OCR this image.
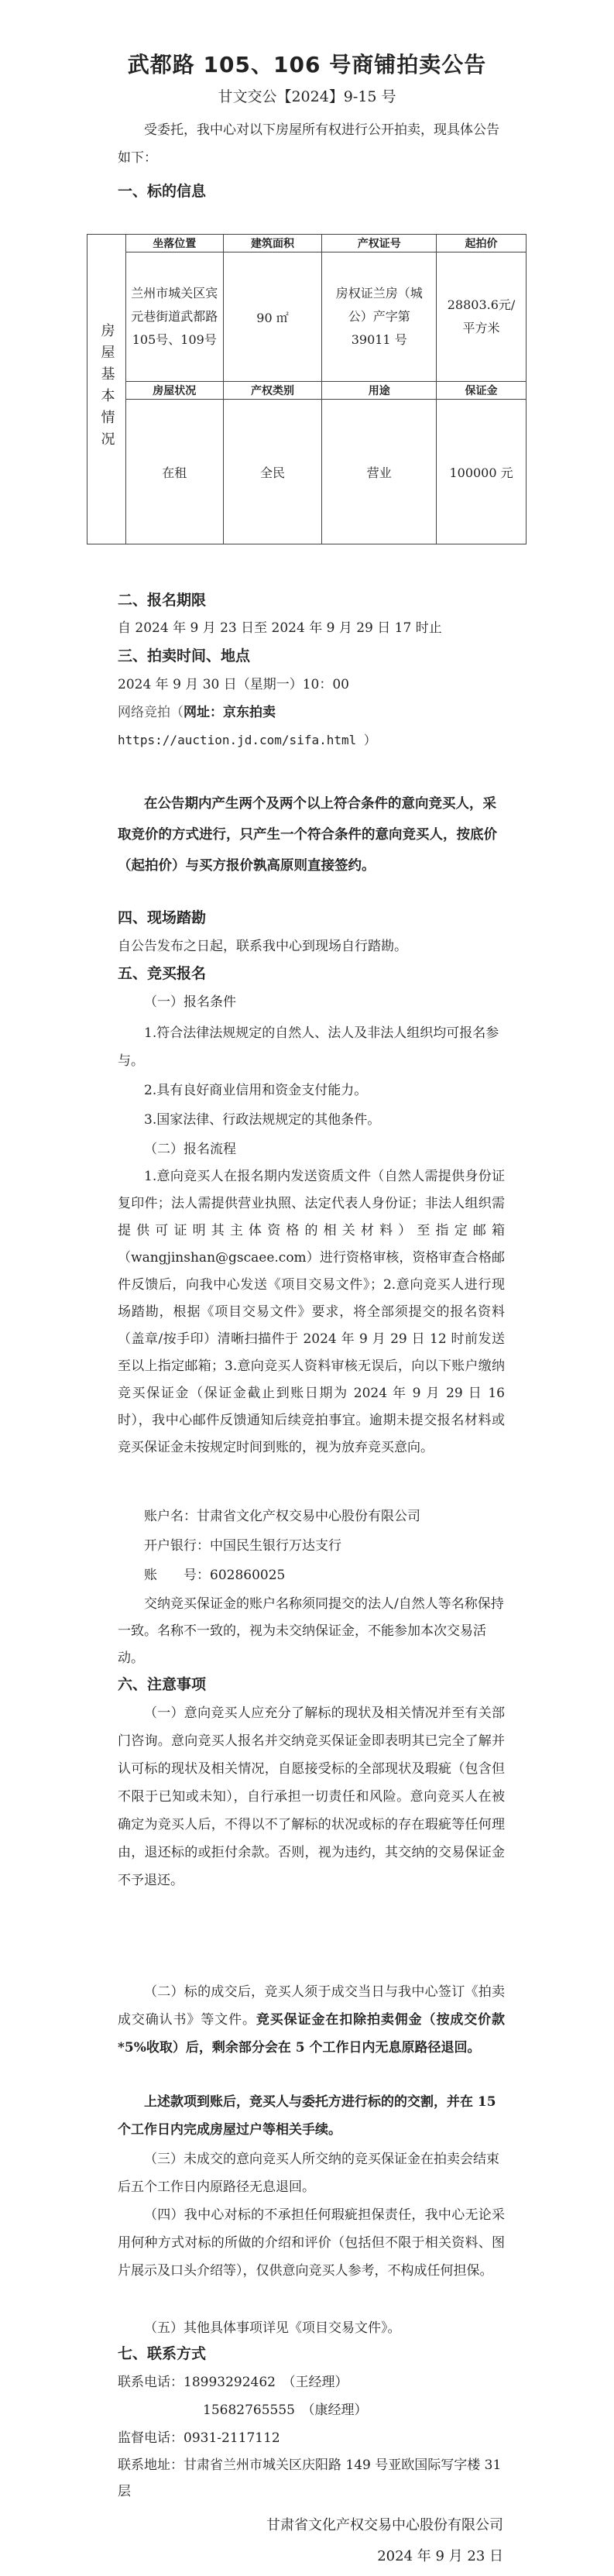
武都路 105、106 号商铺拍卖公告
甘文交公【2024】9-15 号
受委托，我中心对以下房屋所有权进行公开拍卖，现具体公告如下：
一、标的信息
房屋基本情况	坐落位置	建筑面积	产权证号	起拍价
	兰州市城关区宾元巷街道武都路105号、109号	90 ㎡	房权证兰房（城公）产字第 39011 号	28803.6元/平方米
	房屋状况	产权类别	用途	保证金
	在租	全民	营业	100000 元
二、报名期限
自 2024 年 9 月 23 日至 2024 年 9 月 29 日 17 时止
三、拍卖时间、地点
2024 年 9 月 30 日（星期一）10：00
网络竞拍（网址：京东拍卖
https://auction.jd.com/sifa.html ）
在公告期内产生两个及两个以上符合条件的意向竞买人，采取竞价的方式进行，只产生一个符合条件的意向竞买人，按底价（起拍价）与买方报价孰高原则直接签约。
四、现场踏勘
自公告发布之日起，联系我中心到现场自行踏勘。
五、竞买报名
（一）报名条件
1.符合法律法规规定的自然人、法人及非法人组织均可报名参与。
2.具有良好商业信用和资金支付能力。
3.国家法律、行政法规规定的其他条件。
（二）报名流程
1.意向竞买人在报名期内发送资质文件（自然人需提供身份证复印件；法人需提供营业执照、法定代表人身份证；非法人组织需提供可证明其主体资格的相关材料）至指定邮箱（wangjinshan@gscaee.com）进行资格审核，资格审查合格邮件反馈后，向我中心发送《项目交易文件》；2.意向竞买人进行现场踏勘，根据《项目交易文件》要求，将全部须提交的报名资料（盖章/按手印）清晰扫描件于 2024 年 9 月 29 日 12 时前发送至以上指定邮箱；3.意向竞买人资料审核无误后，向以下账户缴纳竞买保证金（保证金截止到账日期为 2024 年 9 月 29 日 16 时），我中心邮件反馈通知后续竞拍事宜。逾期未提交报名材料或竞买保证金未按规定时间到账的，视为放弃竞买意向。
账户名：甘肃省文化产权交易中心股份有限公司
开户银行：中国民生银行万达支行
账　　号：602860025
交纳竞买保证金的账户名称须同提交的法人/自然人等名称保持一致。名称不一致的，视为未交纳保证金，不能参加本次交易活动。
六、注意事项
（一）意向竞买人应充分了解标的现状及相关情况并至有关部门咨询。意向竞买人报名并交纳竞买保证金即表明其已完全了解并认可标的现状及相关情况，自愿接受标的全部现状及瑕疵（包含但不限于已知或未知），自行承担一切责任和风险。意向竞买人在被确定为竞买人后，不得以不了解标的状况或标的存在瑕疵等任何理由，退还标的或拒付余款。否则，视为违约，其交纳的交易保证金不予退还。
（二）标的成交后，竞买人须于成交当日与我中心签订《拍卖成交确认书》等文件。竞买保证金在扣除拍卖佣金（按成交价款*5%收取）后，剩余部分会在 5 个工作日内无息原路径退回。
上述款项到账后，竞买人与委托方进行标的的交割，并在 15 个工作日内完成房屋过户等相关手续。
（三）未成交的意向竞买人所交纳的竞买保证金在拍卖会结束后五个工作日内原路径无息退回。
（四）我中心对标的不承担任何瑕疵担保责任，我中心无论采用何种方式对标的所做的介绍和评价（包括但不限于相关资料、图片展示及口头介绍等），仅供意向竞买人参考，不构成任何担保。
（五）其他具体事项详见《项目交易文件》。
七、联系方式
联系电话：18993292462　（王经理）
15682765555　（康经理）
监督电话：0931-2117112
联系地址：甘肃省兰州市城关区庆阳路 149 号亚欧国际写字楼 31 层
甘肃省文化产权交易中心股份有限公司
2024 年 9 月 23 日
